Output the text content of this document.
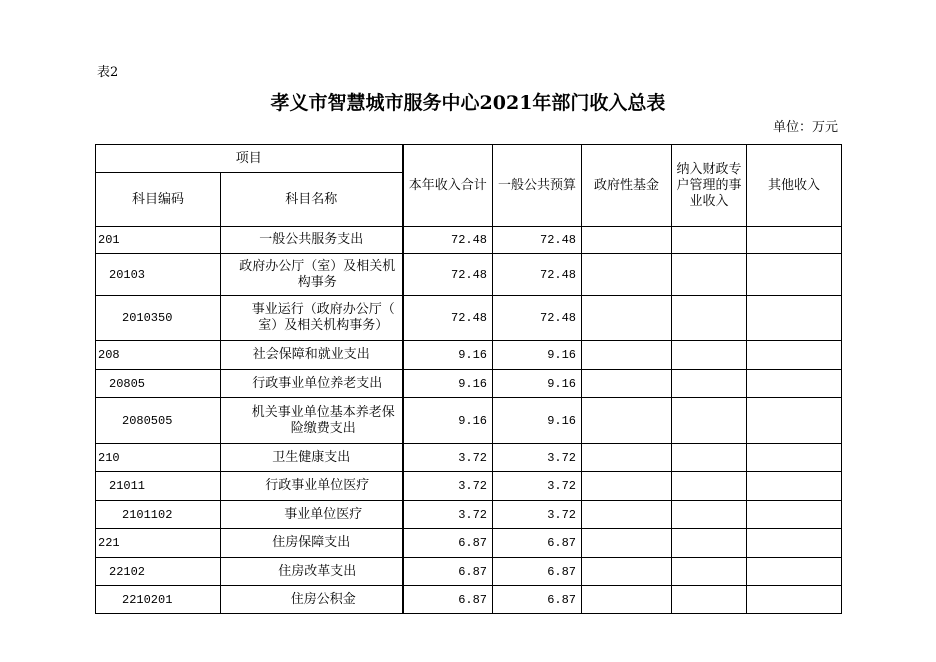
表2
孝义市智慧城市服务中心2021年部门收入总表
单位：万元
项目		本年收入合计	一般公共预算	政府性基金	纳入财政专户管理的事业收入	其他收入
科目编码	科目名称					
201	一般公共服务支出	72.48	72.48			
20103	政府办公厅（室）及相关机构事务	72.48	72.48			
2010350	事业运行（政府办公厅（室）及相关机构事务）	72.48	72.48			
208	社会保障和就业支出	9.16	9.16			
20805	行政事业单位养老支出	9.16	9.16			
2080505	机关事业单位基本养老保险缴费支出	9.16	9.16			
210	卫生健康支出	3.72	3.72			
21011	行政事业单位医疗	3.72	3.72			
2101102	事业单位医疗	3.72	3.72			
221	住房保障支出	6.87	6.87			
22102	住房改革支出	6.87	6.87			
2210201	住房公积金	6.87	6.87			
